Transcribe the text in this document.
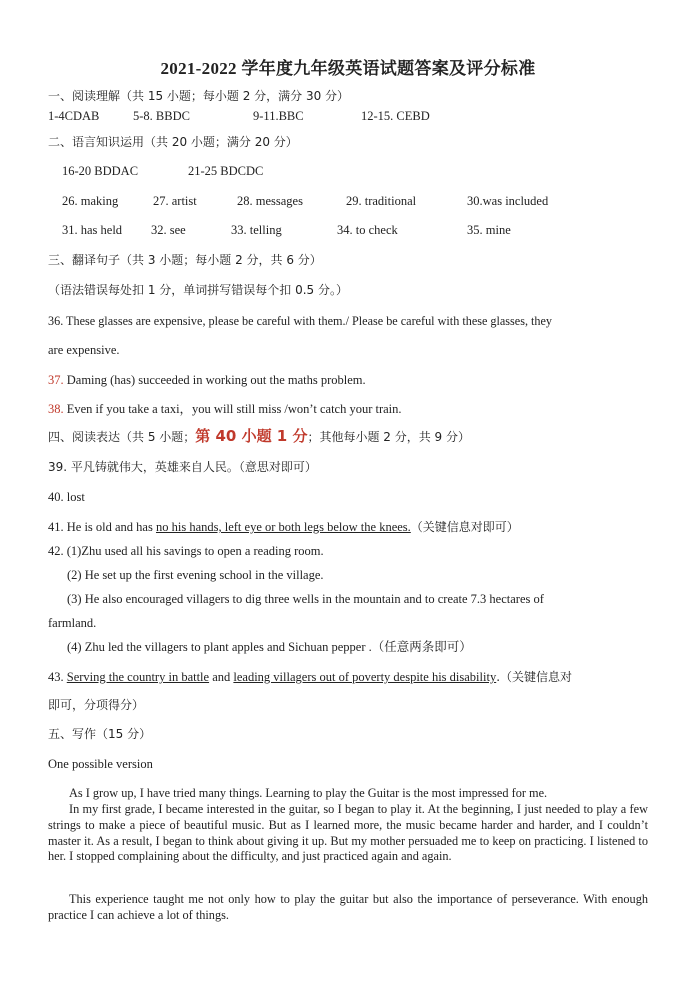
2021-2022 学年度九年级英语试题答案及评分标准
一、阅读理解（共 15 小题；每小题 2 分，满分 30 分）
1-4CDAB	5-8. BBDC	9-11.BBC	12-15. CEBD
二、语言知识运用（共 20 小题；满分 20 分）
16-20 BDDAC	21-25 BDCDC
26. making	27. artist	28. messages	29. traditional	30.was included
31. has held 32. see	33. telling	34. to check	35. mine
三、翻译句子（共 3 小题；每小题 2 分，共 6 分）
（语法错误每处扣 1 分，单词拼写错误每个扣 0.5 分。）
36. These glasses are expensive, please be careful with them./ Please be careful with these glasses, they
are expensive.
37. Daming (has) succeeded in working out the maths problem.
38. Even if you take a taxi，you will still miss /won’t catch your train.
四、阅读表达（共 5 小题；第 40 小题 1 分；其他每小题 2 分，共 9 分）
39. 平凡铸就伟大，英雄来自人民。（意思对即可）
40. lost
41. He is old and has no his hands, left eye or both legs below the knees.（关键信息对即可）
42. (1)Zhu used all his savings to open a reading room.
(2) He set up the first evening school in the village.
(3) He also encouraged villagers to dig three wells in the mountain and to create 7.3 hectares of
farmland.
(4) Zhu led the villagers to plant apples and Sichuan pepper .（任意两条即可）
43. Serving the country in battle and leading villagers out of poverty despite his disability.（关键信息对
即可，分项得分）
五、写作（15 分）
One possible version
As I grow up, I have tried many things. Learning to play the Guitar is the most impressed for me.
In my first grade, I became interested in the guitar, so I began to play it. At the beginning, I just needed to play a few strings to make a piece of beautiful music. But as I learned more, the music became harder and harder, and I couldn’t master it. As a result, I began to think about giving it up. But my mother persuaded me to keep on practicing. I listened to her. I stopped complaining about the difficulty, and just practiced again and again.
This experience taught me not only how to play the guitar but also the importance of perseverance. With enough practice I can achieve a lot of things.
